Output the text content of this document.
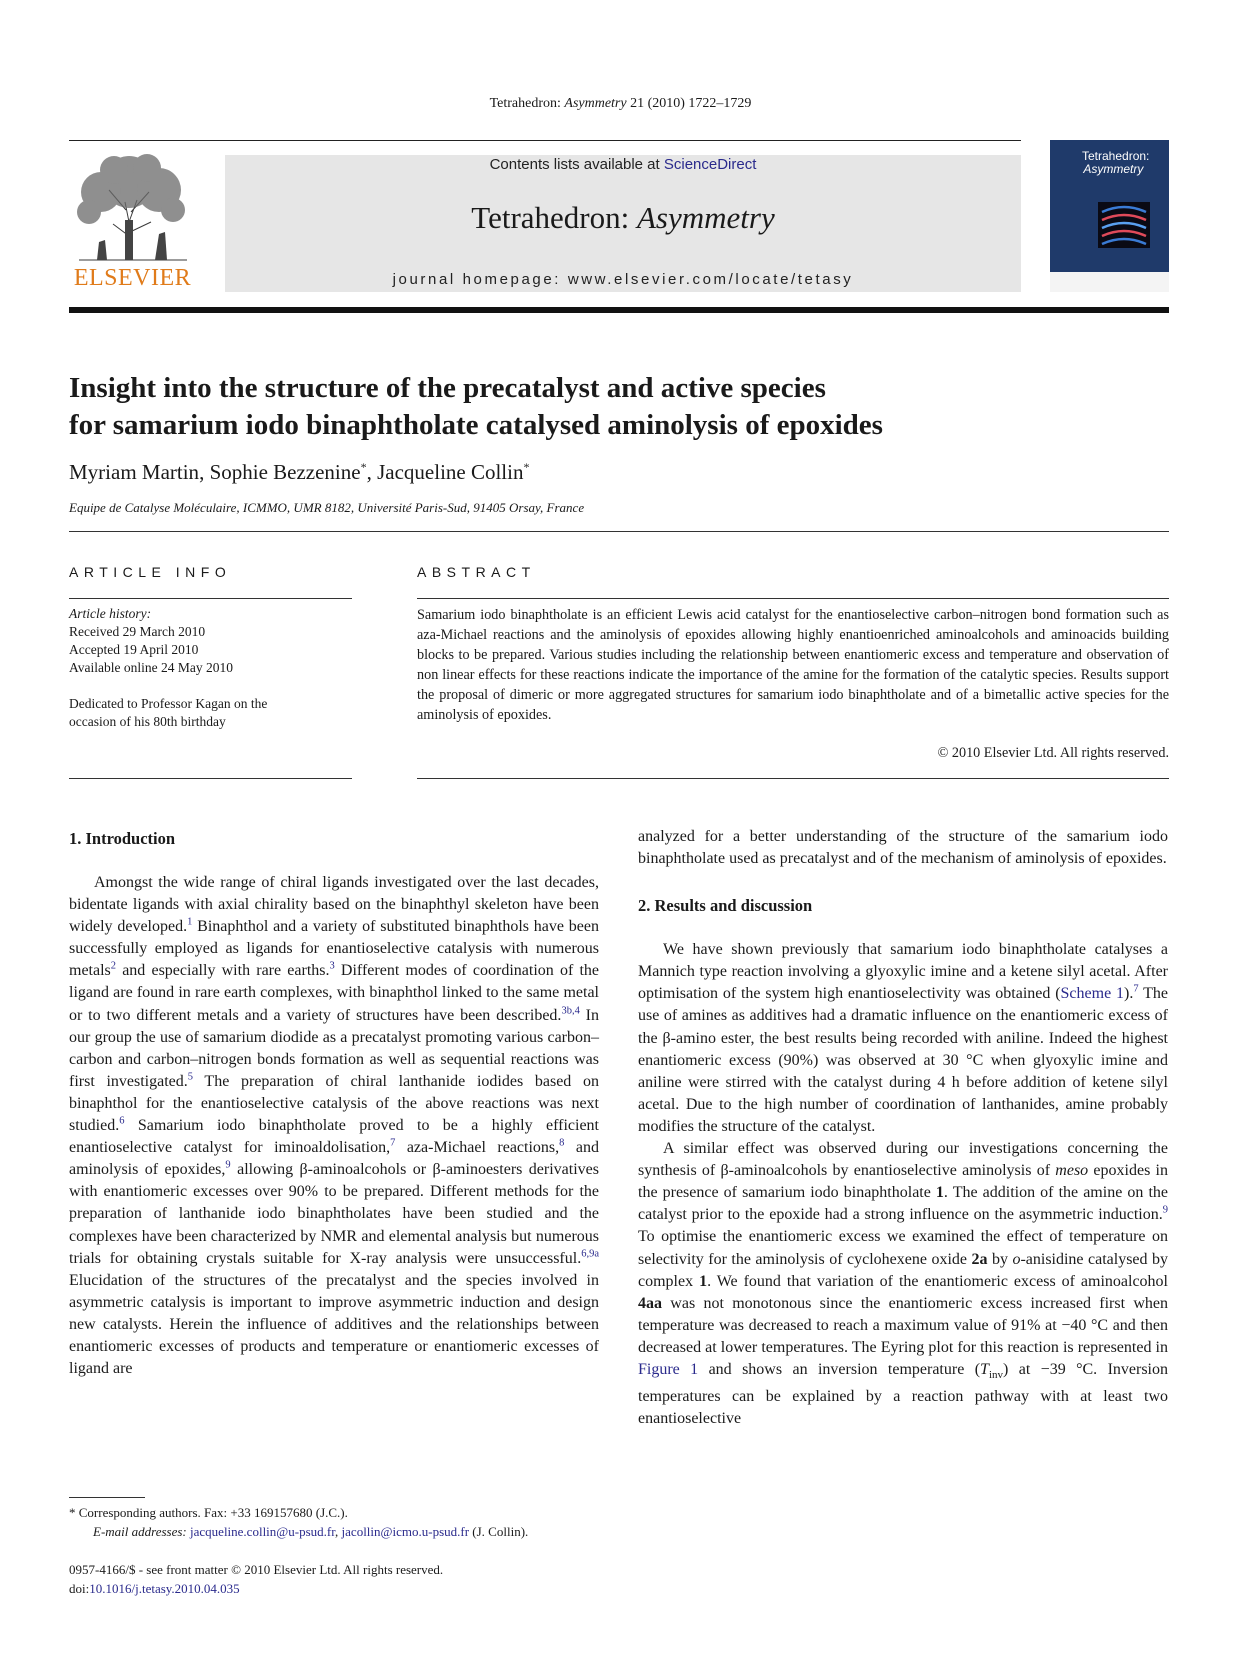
Tetrahedron: Asymmetry 21 (2010) 1722–1729
ELSEVIER
Contents lists available at ScienceDirect
Tetrahedron: Asymmetry
journal homepage: www.elsevier.com/locate/tetasy
Tetrahedron:
Asymmetry
Insight into the structure of the precatalyst and active species
for samarium iodo binaphtholate catalysed aminolysis of epoxides
Myriam Martin, Sophie Bezzenine*, Jacqueline Collin*
Equipe de Catalyse Moléculaire, ICMMO, UMR 8182, Université Paris-Sud, 91405 Orsay, France
ARTICLE INFO	ABSTRACT
Article history:
Received 29 March 2010
Accepted 19 April 2010
Available online 24 May 2010
Dedicated to Professor Kagan on the
occasion of his 80th birthday
Samarium iodo binaphtholate is an efficient Lewis acid catalyst for the enantioselective carbon–nitrogen bond formation such as aza-Michael reactions and the aminolysis of epoxides allowing highly enantioenriched aminoalcohols and aminoacids building blocks to be prepared. Various studies including the relationship between enantiomeric excess and temperature and observation of non linear effects for these reactions indicate the importance of the amine for the formation of the catalytic species. Results support the proposal of dimeric or more aggregated structures for samarium iodo binaphtholate and of a bimetallic active species for the aminolysis of epoxides.
© 2010 Elsevier Ltd. All rights reserved.
1. Introduction

Amongst the wide range of chiral ligands investigated over the last decades, bidentate ligands with axial chirality based on the binaphthyl skeleton have been widely developed.$^1$ Binaphthol and a variety of substituted binaphthols have been successfully employed as ligands for enantioselective catalysis with numerous metals$^2$ and especially with rare earths.$^3$ Different modes of coordination of the ligand are found in rare earth complexes, with binaphthol linked to the same metal or to two different metals and a variety of structures have been described.$^{3b,4}$ In our group the use of samarium diodide as a precatalyst promoting various carbon–carbon and carbon–nitrogen bonds formation as well as sequential reactions was first investigated.$^5$ The preparation of chiral lanthanide iodides based on binaphthol for the enantioselective catalysis of the above reactions was next studied.$^6$ Samarium iodo binaphtholate proved to be a highly efficient enantioselective catalyst for iminoaldolisation,$^7$ aza-Michael reactions,$^8$ and aminolysis of epoxides,$^9$ allowing β-aminoalcohols or β-aminoesters derivatives with enantiomeric excesses over 90% to be prepared. Different methods for the preparation of lanthanide iodo binaphtholates have been studied and the complexes have been characterized by NMR and elemental analysis but numerous trials for obtaining crystals suitable for X-ray analysis were unsuccessful.$^{6,9a}$ Elucidation of the structures of the precatalyst and the species involved in asymmetric catalysis is important to improve asymmetric induction and design new catalysts. Herein the influence of additives and the relationships between enantiomeric excesses of products and temperature or enantiomeric excesses of ligand are

analyzed for a better understanding of the structure of the samarium iodo binaphtholate used as precatalyst and of the mechanism of aminolysis of epoxides.

2. Results and discussion

We have shown previously that samarium iodo binaphtholate catalyses a Mannich type reaction involving a glyoxylic imine and a ketene silyl acetal. After optimisation of the system high enantioselectivity was obtained (Scheme 1).$^7$ The use of amines as additives had a dramatic influence on the enantiomeric excess of the β-amino ester, the best results being recorded with aniline. Indeed the highest enantiomeric excess (90%) was observed at 30 °C when glyoxylic imine and aniline were stirred with the catalyst during 4 h before addition of ketene silyl acetal. Due to the high number of coordination of lanthanides, amine probably modifies the structure of the catalyst.

A similar effect was observed during our investigations concerning the synthesis of β-aminoalcohols by enantioselective aminolysis of meso epoxides in the presence of samarium iodo binaphtholate 1. The addition of the amine on the catalyst prior to the epoxide had a strong influence on the asymmetric induction.$^9$ To optimise the enantiomeric excess we examined the effect of temperature on selectivity for the aminolysis of cyclohexene oxide 2a by o-anisidine catalysed by complex 1. We found that variation of the enantiomeric excess of aminoalcohol 4aa was not monotonous since the enantiomeric excess increased first when temperature was decreased to reach a maximum value of 91% at −40 °C and then decreased at lower temperatures. The Eyring plot for this reaction is represented in Figure 1 and shows an inversion temperature $(T_{inv})$ at −39 °C. Inversion temperatures can be explained by a reaction pathway with at least two enantioselective

* Corresponding authors. Fax: +33 169157680 (J.C.).
E-mail addresses: jacqueline.collin@u-psud.fr, jacollin@icmo.u-psud.fr (J. Collin).
0957-4166/$ - see front matter © 2010 Elsevier Ltd. All rights reserved.
doi:10.1016/j.tetasy.2010.04.035
